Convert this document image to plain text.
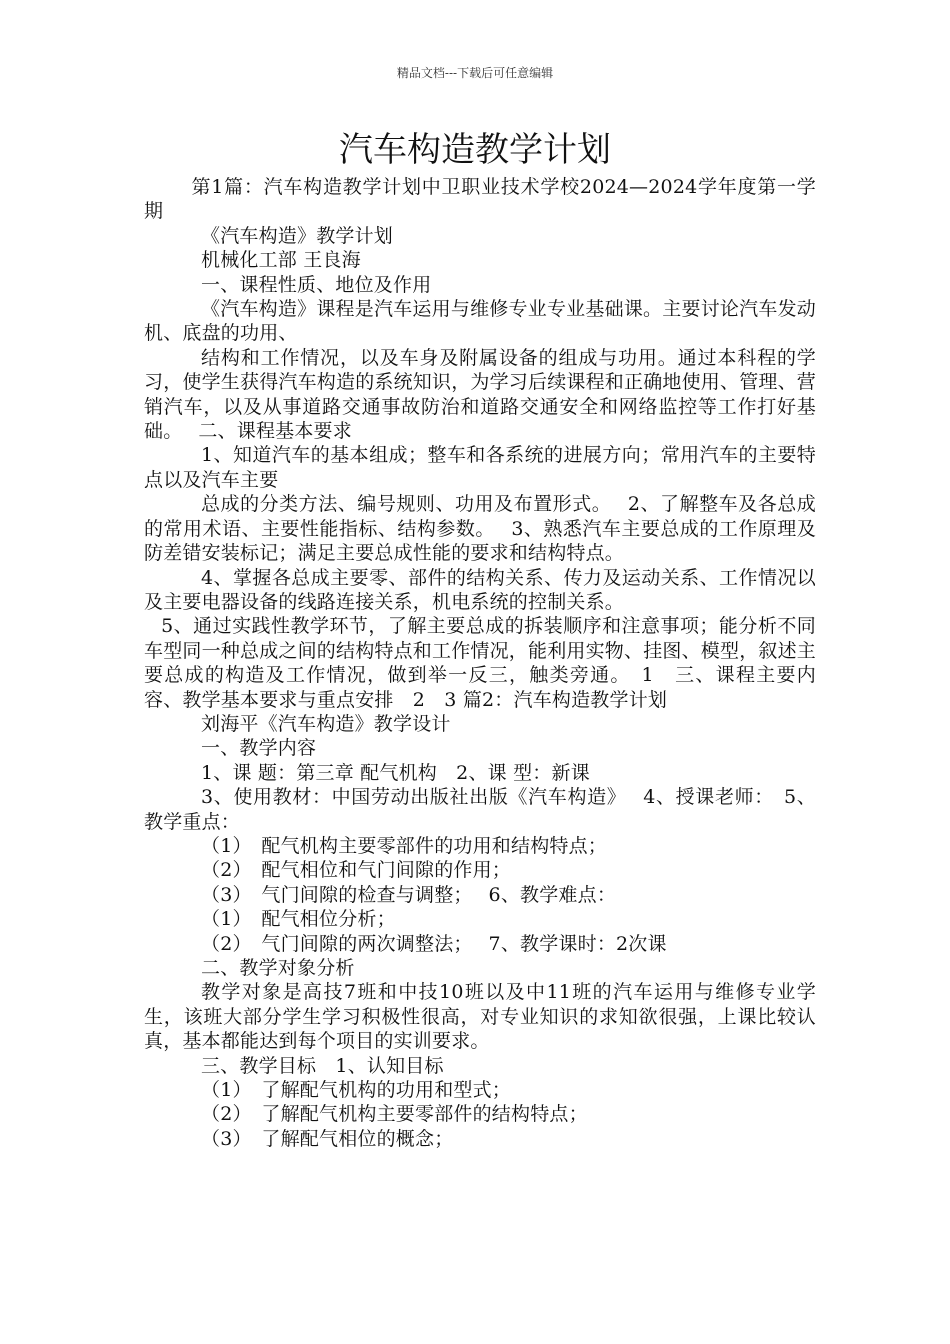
精品文档---下载后可任意编辑
汽车构造教学计划

第1篇：汽车构造教学计划中卫职业技术学校2024—2024学年度第一学期

《汽车构造》教学计划

机械化工部 王良海

一、课程性质、地位及作用

《汽车构造》课程是汽车运用与维修专业专业基础课。主要讨论汽车发动机、底盘的功用、

结构和工作情况，以及车身及附属设备的组成与功用。通过本科程的学习，使学生获得汽车构造的系统知识，为学习后续课程和正确地使用、管理、营销汽车，以及从事道路交通事故防治和道路交通安全和网络监控等工作打好基础。　 二、课程基本要求

1、知道汽车的基本组成；整车和各系统的进展方向；常用汽车的主要特点以及汽车主要

总成的分类方法、编号规则、功用及布置形式。　 2、了解整车及各总成的常用术语、主要性能指标、结构参数。　 3、熟悉汽车主要总成的工作原理及防差错安装标记；满足主要总成性能的要求和结构特点。

4、掌握各总成主要零、部件的结构关系、传力及运动关系、工作情况以及主要电器设备的线路连接关系，机电系统的控制关系。

5、通过实践性教学环节，了解主要总成的拆装顺序和注意事项；能分析不同车型同一种总成之间的结构特点和工作情况，能利用实物、挂图、模型，叙述主要总成的构造及工作情况，做到举一反三，触类旁通。　1　三、课程主要内容、教学基本要求与重点安排　2　3 篇2：汽车构造教学计划

刘海平《汽车构造》教学设计

一、教学内容

1、课 题：第三章 配气机构　2、课 型：新课

3、使用教材：中国劳动出版社出版《汽车构造》　 4、授课老师：　5、教学重点：

（1）　配气机构主要零部件的功用和结构特点；

（2）　配气相位和气门间隙的作用；

（3）　气门间隙的检查与调整；　 6、教学难点：

（1）　配气相位分析；

（2）　气门间隙的两次调整法；　 7、教学课时：2次课

二、教学对象分析

教学对象是高技7班和中技10班以及中11班的汽车运用与维修专业学生，该班大部分学生学习积极性很高，对专业知识的求知欲很强，上课比较认真，基本都能达到每个项目的实训要求。

三、教学目标　1、认知目标

（1）　了解配气机构的功用和型式；

（2）　了解配气机构主要零部件的结构特点；

（3）　了解配气相位的概念；
